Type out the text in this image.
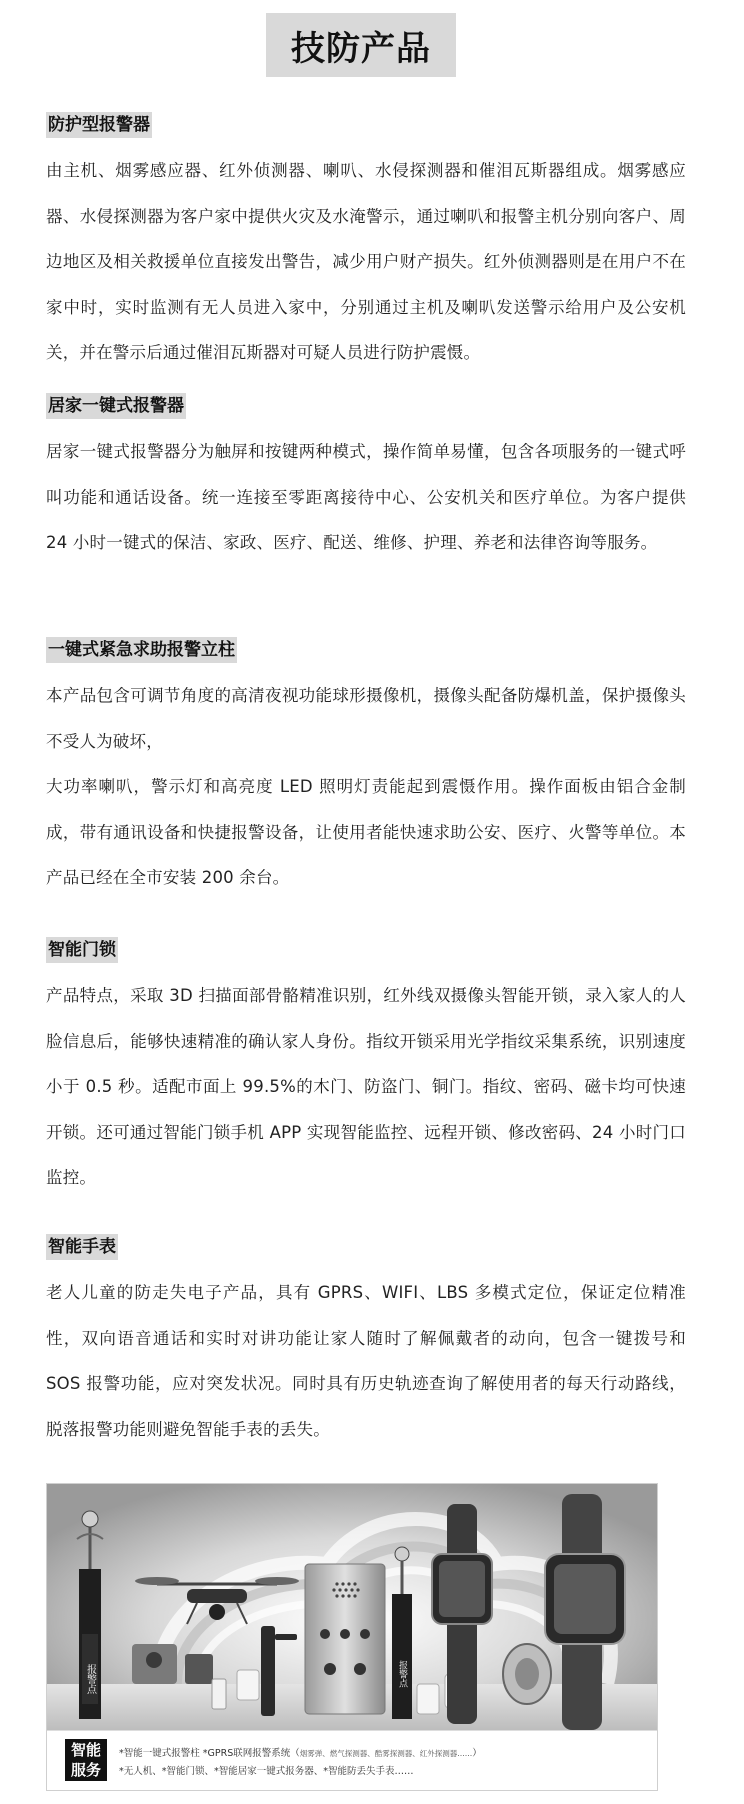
技防产品
防护型报警器

由主机、烟雾感应器、红外侦测器、喇叭、水侵探测器和催泪瓦斯器组成。烟雾感应器、水侵探测器为客户家中提供火灾及水淹警示，通过喇叭和报警主机分别向客户、周边地区及相关救援单位直接发出警告，减少用户财产损失。红外侦测器则是在用户不在家中时，实时监测有无人员进入家中，分别通过主机及喇叭发送警示给用户及公安机关，并在警示后通过催泪瓦斯器对可疑人员进行防护震慑。

居家一键式报警器

居家一键式报警器分为触屏和按键两种模式，操作简单易懂，包含各项服务的一键式呼叫功能和通话设备。统一连接至零距离接待中心、公安机关和医疗单位。为客户提供 24 小时一键式的保洁、家政、医疗、配送、维修、护理、养老和法律咨询等服务。

一键式紧急求助报警立柱

本产品包含可调节角度的高清夜视功能球形摄像机，摄像头配备防爆机盖，保护摄像头不受人为破坏，

大功率喇叭，警示灯和高亮度 LED 照明灯责能起到震慑作用。操作面板由铝合金制成，带有通讯设备和快捷报警设备，让使用者能快速求助公安、医疗、火警等单位。本产品已经在全市安装 200 余台。

智能门锁

产品特点，采取 3D 扫描面部骨骼精准识别，红外线双摄像头智能开锁，录入家人的人脸信息后，能够快速精准的确认家人身份。指纹开锁采用光学指纹采集系统，识别速度小于 0.5 秒。适配市面上 99.5%的木门、防盗门、铜门。指纹、密码、磁卡均可快速开锁。还可通过智能门锁手机 APP 实现智能监控、远程开锁、修改密码、24 小时门口监控。

智能手表

老人儿童的防走失电子产品，具有 GPRS、WIFI、LBS 多模式定位，保证定位精准性，双向语音通话和实时对讲功能让家人随时了解佩戴者的动向，包含一键拨号和 SOS 报警功能，应对突发状况。同时具有历史轨迹查询了解使用者的每天行动路线，脱落报警功能则避免智能手表的丢失。

报警点	报警点
智能
服务
*智能一键式报警柱 *GPRS联网报警系统（烟雾弹、燃气探测器、酷雾探测器、红外探测器……）
*无人机、*智能门锁、*智能居家一键式报务器、*智能防丢失手表……
